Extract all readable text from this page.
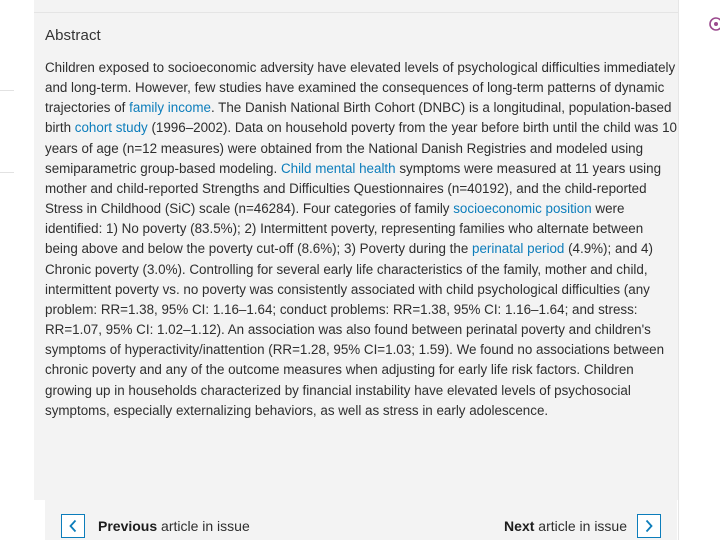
Abstract

Children exposed to socioeconomic adversity have elevated levels of psychological difficulties immediately and long-term. However, few studies have examined the consequences of long-term patterns of dynamic trajectories of family income. The Danish National Birth Cohort (DNBC) is a longitudinal, population-based birth cohort study (1996–2002). Data on household poverty from the year before birth until the child was 10 years of age (n=12 measures) were obtained from the National Danish Registries and modeled using semiparametric group-based modeling. Child mental health symptoms were measured at 11 years using mother and child-reported Strengths and Difficulties Questionnaires (n=40192), and the child-reported Stress in Childhood (SiC) scale (n=46284). Four categories of family socioeconomic position were identified: 1) No poverty (83.5%); 2) Intermittent poverty, representing families who alternate between being above and below the poverty cut-off (8.6%); 3) Poverty during the perinatal period (4.9%); and 4) Chronic poverty (3.0%). Controlling for several early life characteristics of the family, mother and child, intermittent poverty vs. no poverty was consistently associated with child psychological difficulties (any problem: RR=1.38, 95% CI: 1.16–1.64; conduct problems: RR=1.38, 95% CI: 1.16–1.64; and stress: RR=1.07, 95% CI: 1.02–1.12). An association was also found between perinatal poverty and children's symptoms of hyperactivity/inattention (RR=1.28, 95% CI=1.03; 1.59). We found no associations between chronic poverty and any of the outcome measures when adjusting for early life risk factors. Children growing up in households characterized by financial instability have elevated levels of psychosocial symptoms, especially externalizing behaviors, as well as stress in early adolescence.

Previous article in issue	Next article in issue
